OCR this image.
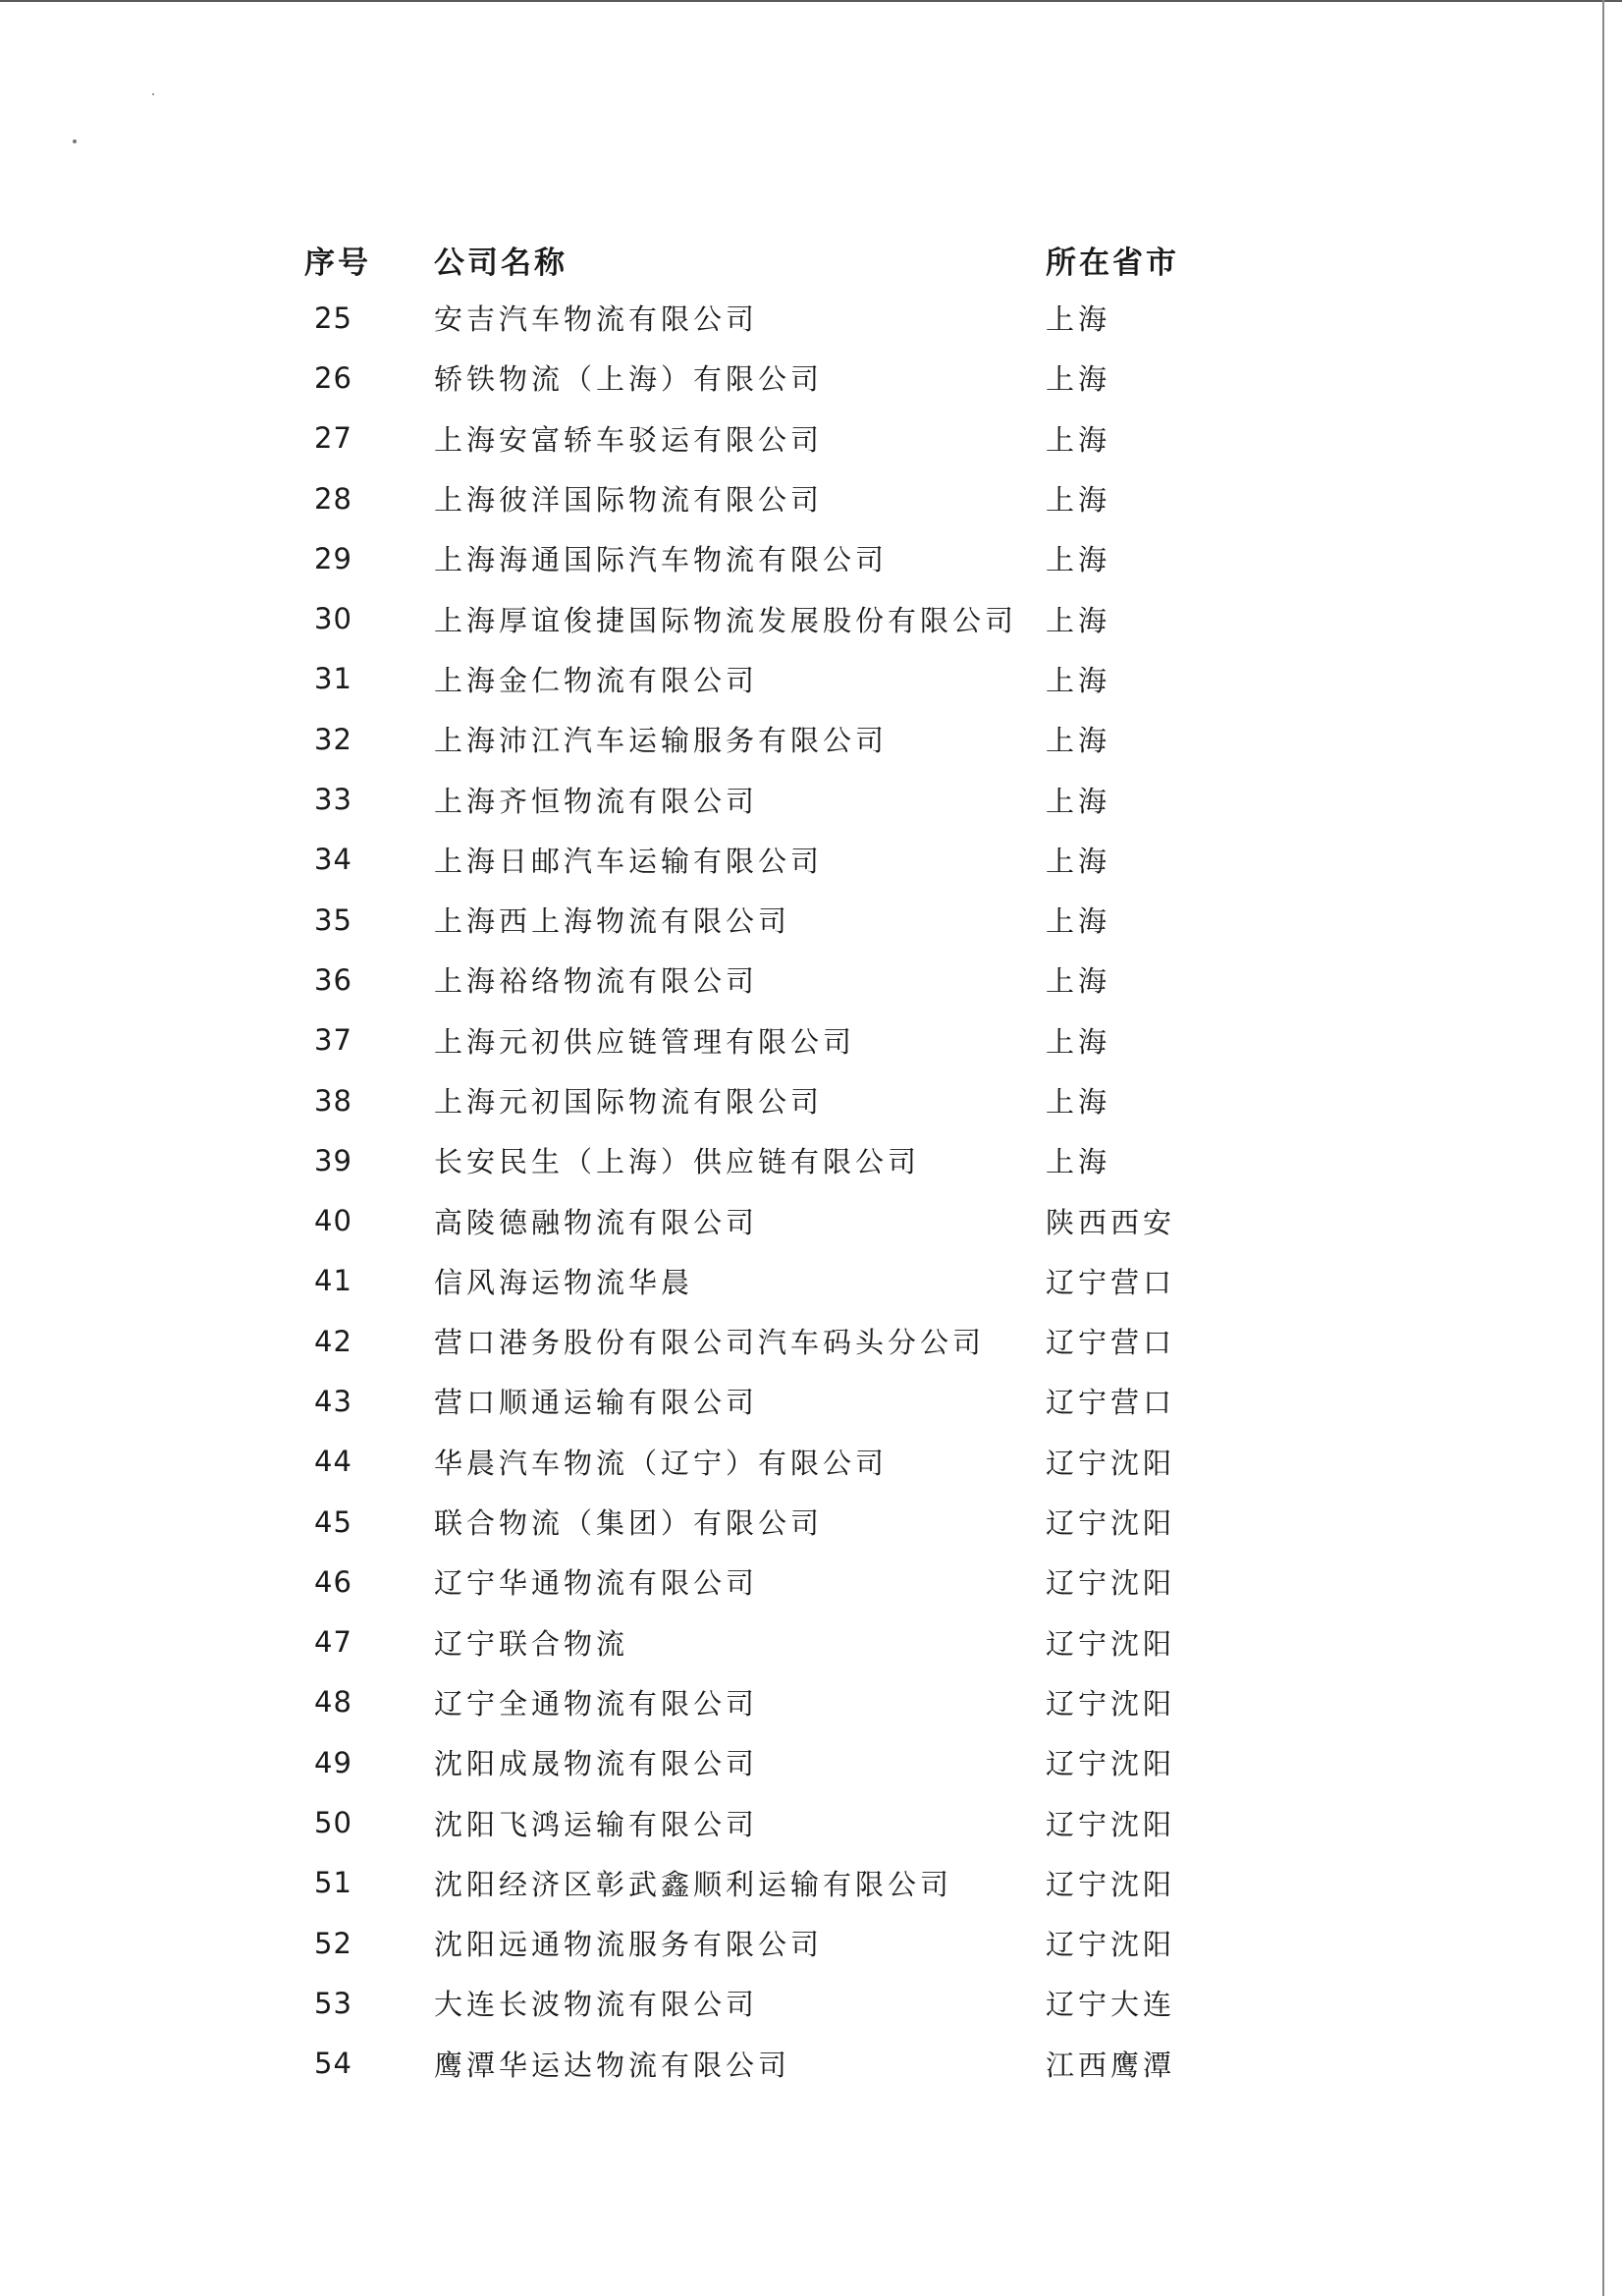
序号	公司名称	所在省市
25	安吉汽车物流有限公司	上海
26	轿铁物流（上海）有限公司	上海
27	上海安富轿车驳运有限公司	上海
28	上海彼洋国际物流有限公司	上海
29	上海海通国际汽车物流有限公司	上海
30	上海厚谊俊捷国际物流发展股份有限公司 上海
31	上海金仁物流有限公司	上海
32	上海沛江汽车运输服务有限公司	上海
33	上海齐恒物流有限公司	上海
34	上海日邮汽车运输有限公司	上海
35	上海西上海物流有限公司	上海
36	上海裕络物流有限公司	上海
37	上海元初供应链管理有限公司	上海
38	上海元初国际物流有限公司	上海
39	长安民生（上海）供应链有限公司	上海
40	高陵德融物流有限公司	陕西西安
41	信风海运物流华晨	辽宁营口
42	营口港务股份有限公司汽车码头分公司	辽宁营口
43	营口顺通运输有限公司	辽宁营口
44	华晨汽车物流（辽宁）有限公司	辽宁沈阳
45	联合物流（集团）有限公司	辽宁沈阳
46	辽宁华通物流有限公司	辽宁沈阳
47	辽宁联合物流	辽宁沈阳
48	辽宁全通物流有限公司	辽宁沈阳
49	沈阳成晟物流有限公司	辽宁沈阳
50	沈阳飞鸿运输有限公司	辽宁沈阳
51	沈阳经济区彰武鑫顺利运输有限公司	辽宁沈阳
52	沈阳远通物流服务有限公司	辽宁沈阳
53	大连长波物流有限公司	辽宁大连
54	鹰潭华运达物流有限公司	江西鹰潭
